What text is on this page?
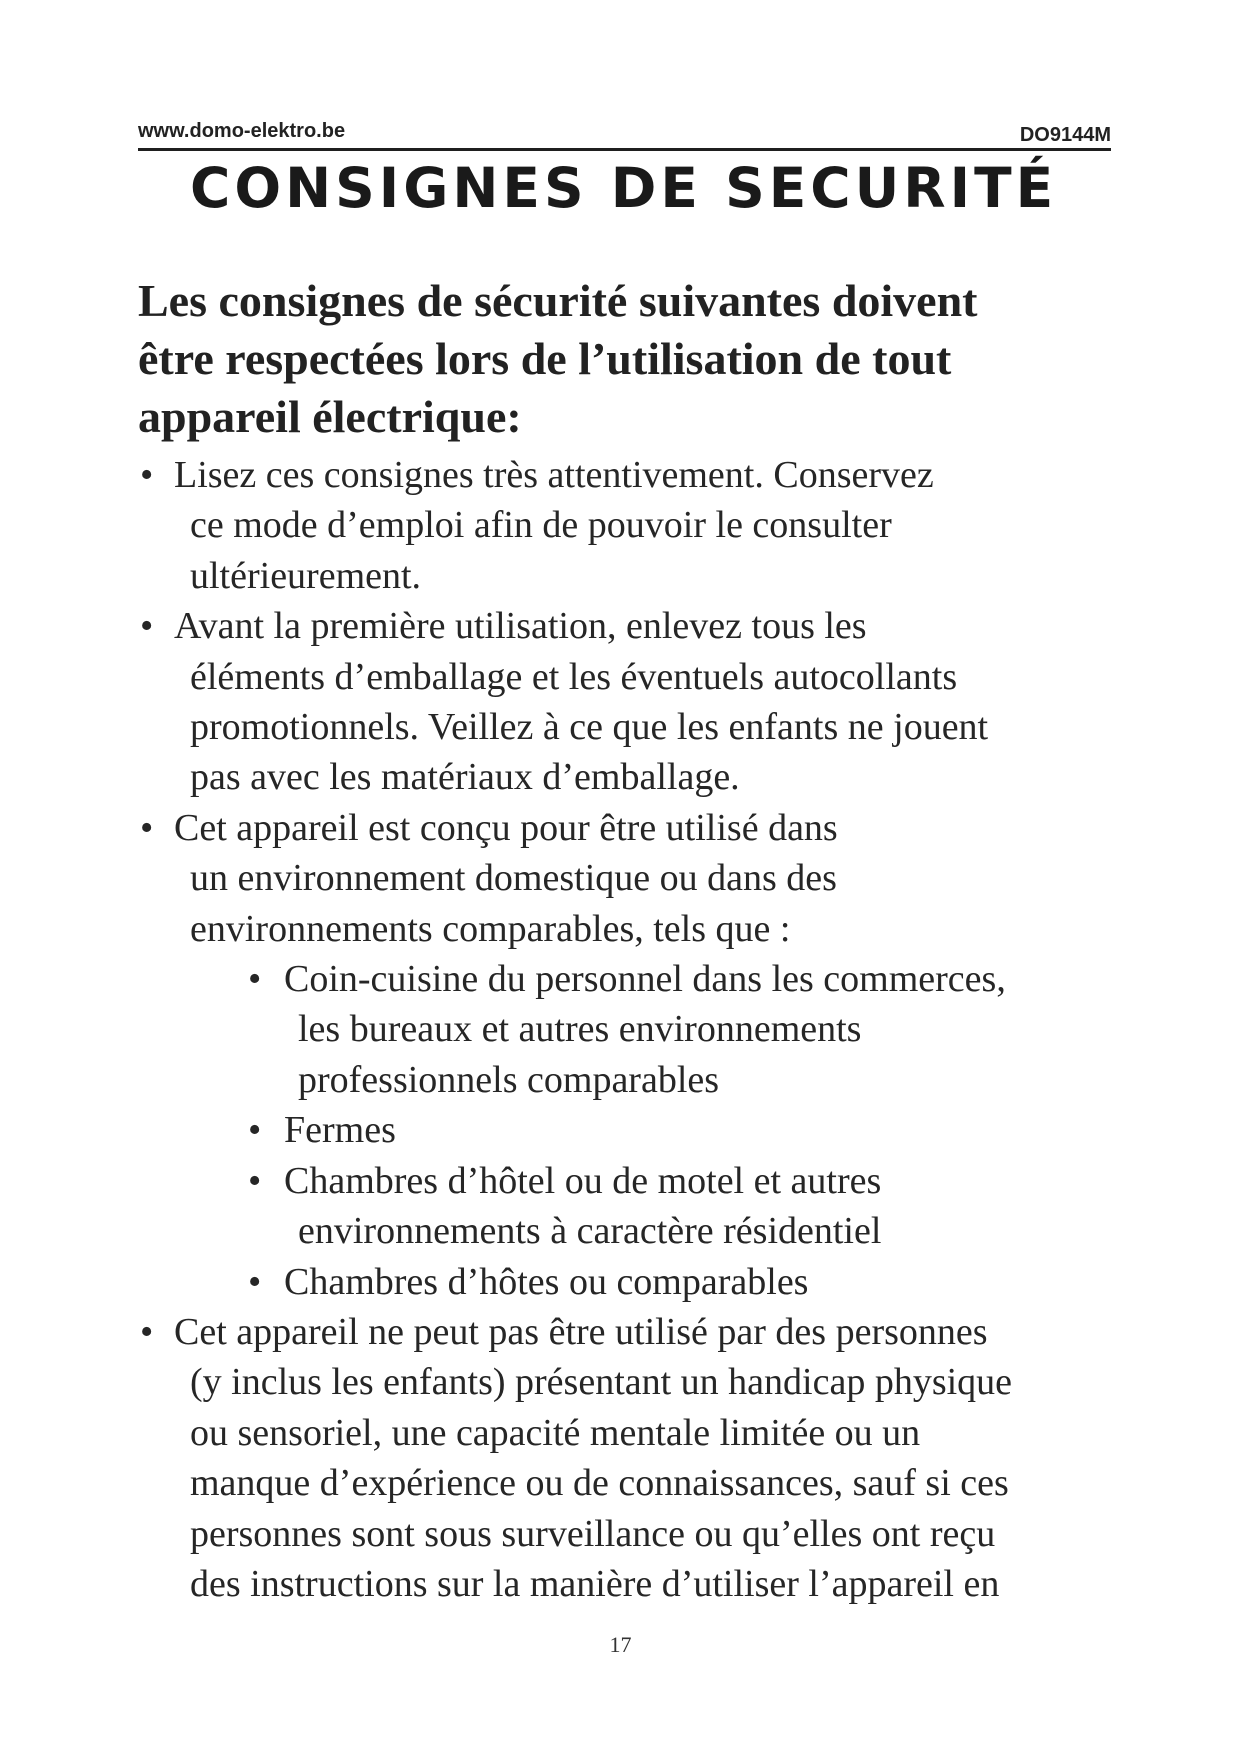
www.domo-elektro.be	DO9144M
CONSIGNES DE SECURITÉ

Les consignes de sécurité suivantes doivent
être respectées lors de l’utilisation de tout
appareil électrique:

• Lisez ces consignes très attentivement. Conservez
ce mode d’emploi afin de pouvoir le consulter
ultérieurement.
• Avant la première utilisation, enlevez tous les
éléments d’emballage et les éventuels autocollants
promotionnels. Veillez à ce que les enfants ne jouent
pas avec les matériaux d’emballage.
• Cet appareil est conçu pour être utilisé dans
un environnement domestique ou dans des
environnements comparables, tels que :
• Coin-cuisine du personnel dans les commerces,
les bureaux et autres environnements
professionnels comparables
• Fermes
• Chambres d’hôtel ou de motel et autres
environnements à caractère résidentiel
• Chambres d’hôtes ou comparables
• Cet appareil ne peut pas être utilisé par des personnes
(y inclus les enfants) présentant un handicap physique
ou sensoriel, une capacité mentale limitée ou un
manque d’expérience ou de connaissances, sauf si ces
personnes sont sous surveillance ou qu’elles ont reçu
des instructions sur la manière d’utiliser l’appareil en
17
